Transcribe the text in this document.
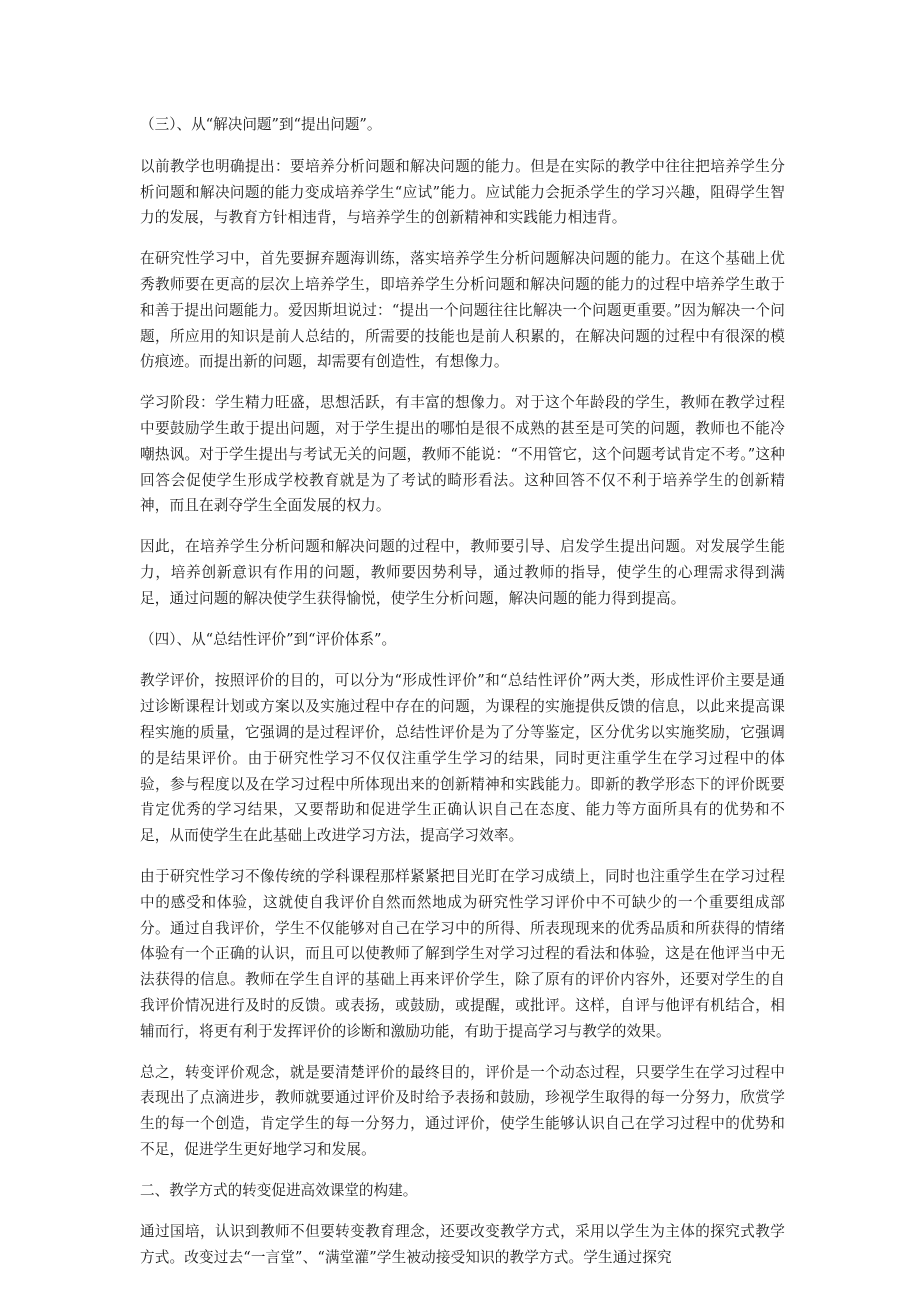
（三）、从“解决问题”到“提出问题”。

以前教学也明确提出：要培养分析问题和解决问题的能力。但是在实际的教学中往往把培养学生分析问题和解决问题的能力变成培养学生“应试”能力。应试能力会扼杀学生的学习兴趣，阻碍学生智力的发展，与教育方针相违背，与培养学生的创新精神和实践能力相违背。

在研究性学习中，首先要摒弃题海训练，落实培养学生分析问题解决问题的能力。在这个基础上优秀教师要在更高的层次上培养学生，即培养学生分析问题和解决问题的能力的过程中培养学生敢于和善于提出问题能力。爱因斯坦说过：“提出一个问题往往比解决一个问题更重要。”因为解决一个问题，所应用的知识是前人总结的，所需要的技能也是前人积累的，在解决问题的过程中有很深的模仿痕迹。而提出新的问题，却需要有创造性，有想像力。

学习阶段：学生精力旺盛，思想活跃，有丰富的想像力。对于这个年龄段的学生，教师在教学过程中要鼓励学生敢于提出问题，对于学生提出的哪怕是很不成熟的甚至是可笑的问题，教师也不能冷嘲热讽。对于学生提出与考试无关的问题，教师不能说：“不用管它，这个问题考试肯定不考。”这种回答会促使学生形成学校教育就是为了考试的畸形看法。这种回答不仅不利于培养学生的创新精神，而且在剥夺学生全面发展的权力。

因此，在培养学生分析问题和解决问题的过程中，教师要引导、启发学生提出问题。对发展学生能力，培养创新意识有作用的问题，教师要因势利导，通过教师的指导，使学生的心理需求得到满足，通过问题的解决使学生获得愉悦，使学生分析问题，解决问题的能力得到提高。

（四）、从“总结性评价”到“评价体系”。

教学评价，按照评价的目的，可以分为“形成性评价”和“总结性评价”两大类，形成性评价主要是通过诊断课程计划或方案以及实施过程中存在的问题，为课程的实施提供反馈的信息，以此来提高课程实施的质量，它强调的是过程评价，总结性评价是为了分等鉴定，区分优劣以实施奖励，它强调的是结果评价。由于研究性学习不仅仅注重学生学习的结果，同时更注重学生在学习过程中的体验，参与程度以及在学习过程中所体现出来的创新精神和实践能力。即新的教学形态下的评价既要肯定优秀的学习结果，又要帮助和促进学生正确认识自己在态度、能力等方面所具有的优势和不足，从而使学生在此基础上改进学习方法，提高学习效率。

由于研究性学习不像传统的学科课程那样紧紧把目光盯在学习成绩上，同时也注重学生在学习过程中的感受和体验，这就使自我评价自然而然地成为研究性学习评价中不可缺少的一个重要组成部分。通过自我评价，学生不仅能够对自己在学习中的所得、所表现现来的优秀品质和所获得的情绪体验有一个正确的认识，而且可以使教师了解到学生对学习过程的看法和体验，这是在他评当中无法获得的信息。教师在学生自评的基础上再来评价学生，除了原有的评价内容外，还要对学生的自我评价情况进行及时的反馈。或表扬，或鼓励，或提醒，或批评。这样，自评与他评有机结合，相辅而行，将更有利于发挥评价的诊断和激励功能，有助于提高学习与教学的效果。

总之，转变评价观念，就是要清楚评价的最终目的，评价是一个动态过程，只要学生在学习过程中表现出了点滴进步，教师就要通过评价及时给予表扬和鼓励，珍视学生取得的每一分努力，欣赏学生的每一个创造，肯定学生的每一分努力，通过评价，使学生能够认识自己在学习过程中的优势和不足，促进学生更好地学习和发展。

二、教学方式的转变促进高效课堂的构建。

通过国培，认识到教师不但要转变教育理念，还要改变教学方式，采用以学生为主体的探究式教学方式。改变过去“一言堂”、“满堂灌”学生被动接受知识的教学方式。学生通过探究
